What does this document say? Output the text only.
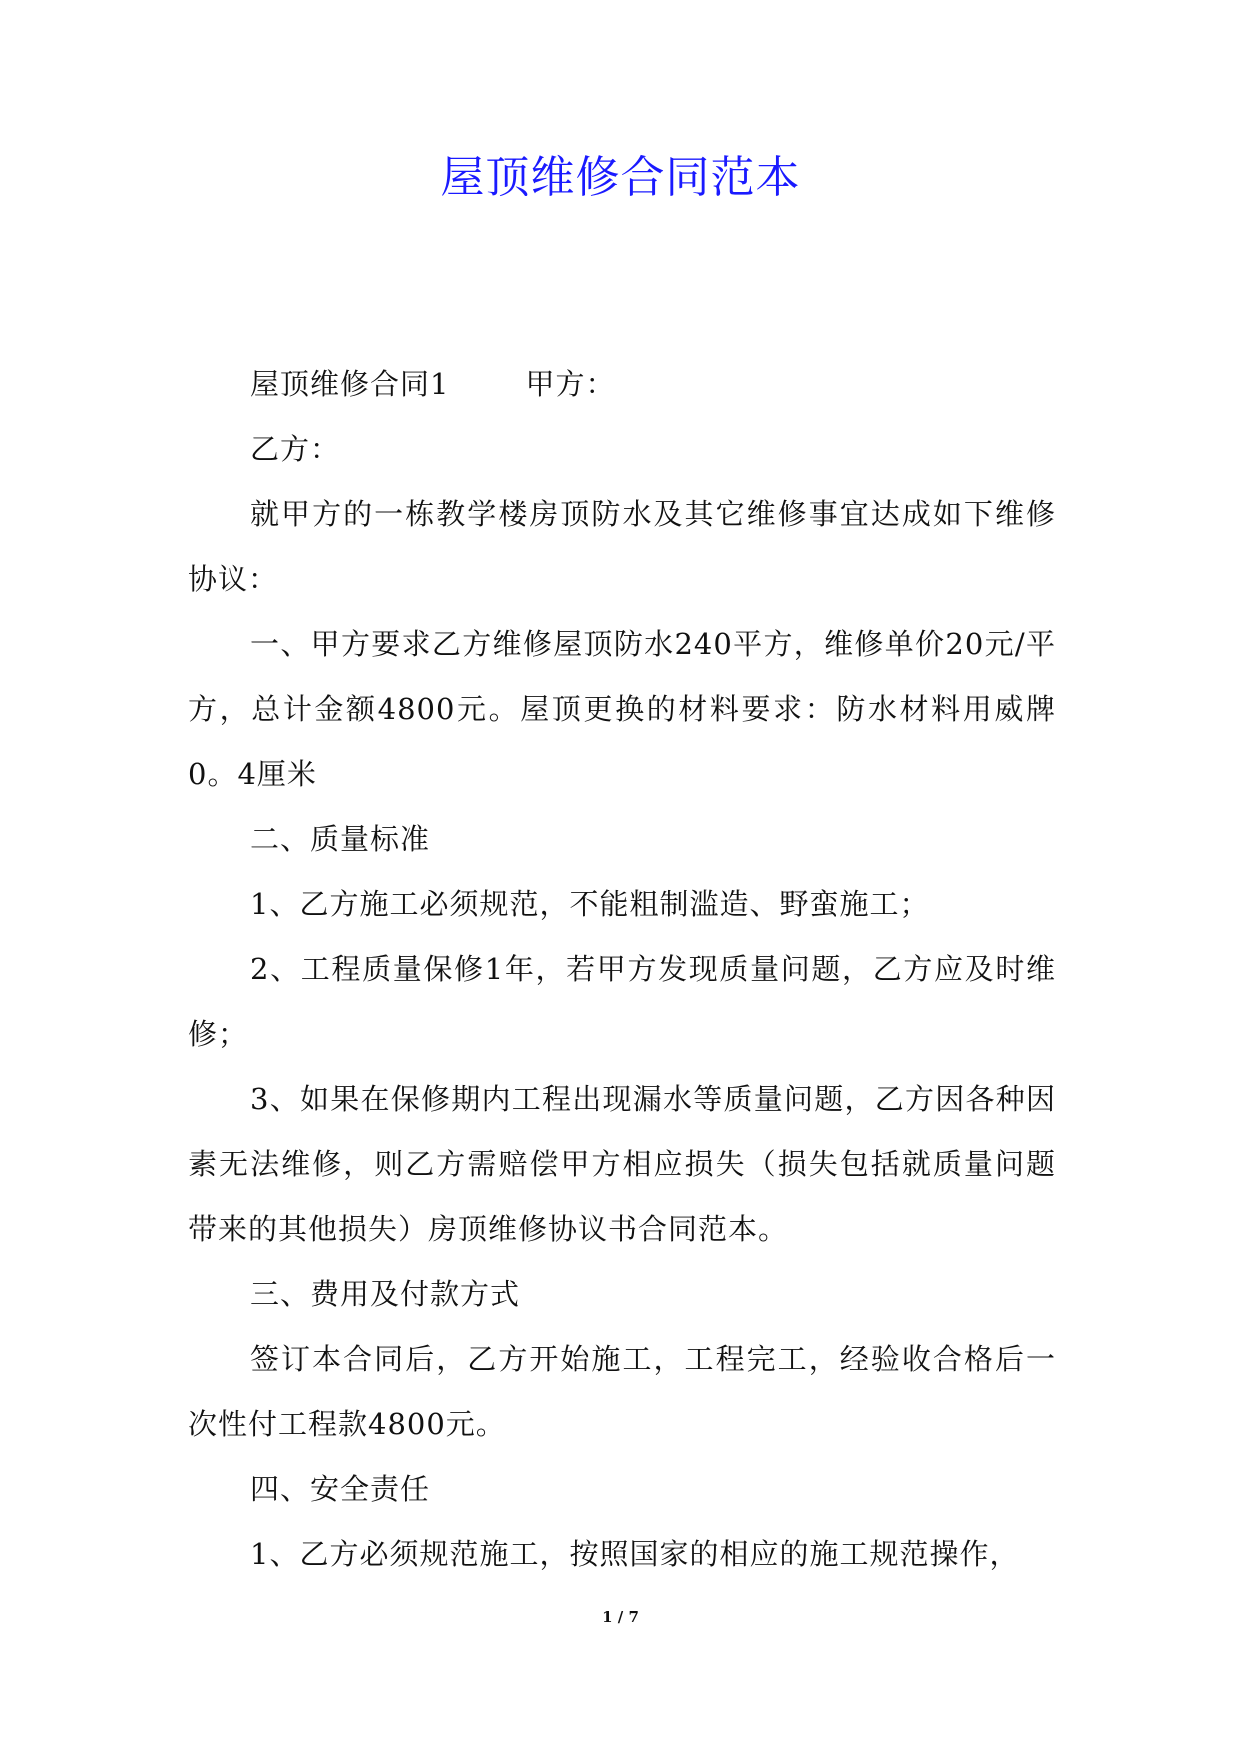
屋顶维修合同范本

屋顶维修合同1	甲方：

乙方：

就甲方的一栋教学楼房顶防水及其它维修事宜达成如下维修协议：

一、甲方要求乙方维修屋顶防水240平方，维修单价20元/平方，总计金额4800元。屋顶更换的材料要求：防水材料用威牌0。4厘米

二、质量标准

1、乙方施工必须规范，不能粗制滥造、野蛮施工；

2、工程质量保修1年，若甲方发现质量问题，乙方应及时维修；

3、如果在保修期内工程出现漏水等质量问题，乙方因各种因素无法维修，则乙方需赔偿甲方相应损失（损失包括就质量问题带来的其他损失）房顶维修协议书合同范本。

三、费用及付款方式

签订本合同后，乙方开始施工，工程完工，经验收合格后一次性付工程款4800元。

四、安全责任

1、乙方必须规范施工，按照国家的相应的施工规范操作，

1 / 7
